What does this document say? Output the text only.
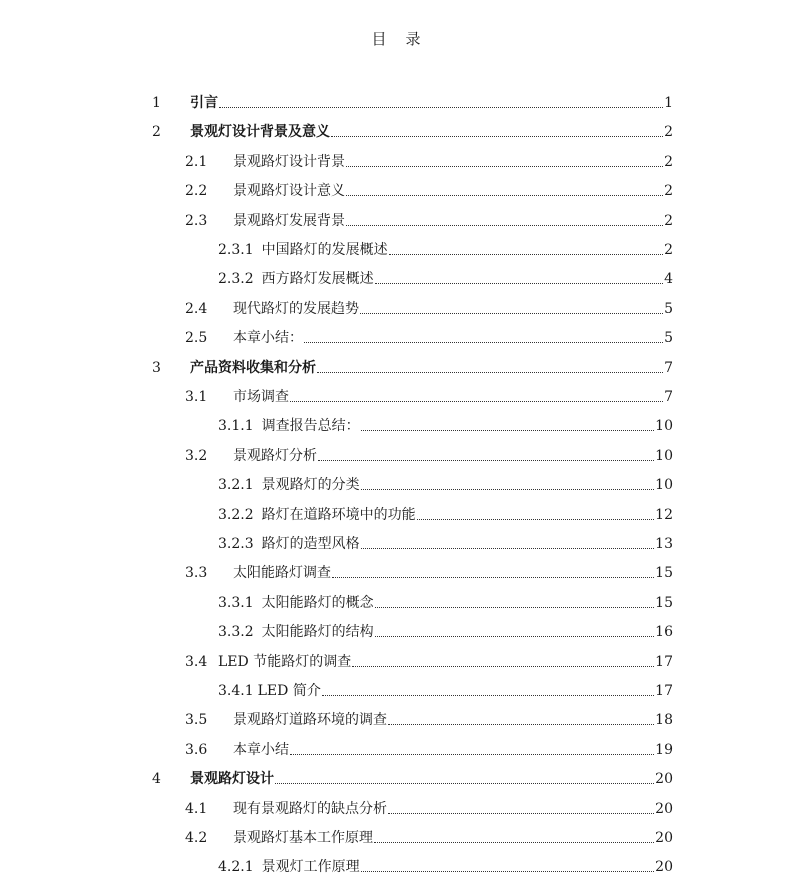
目　录
1	引言	1
2	景观灯设计背景及意义	2
2.1	景观路灯设计背景	2
2.2	景观路灯设计意义	2
2.3	景观路灯发展背景	2
2.3.1 中国路灯的发展概述	2
2.3.2 西方路灯发展概述	4
2.4	现代路灯的发展趋势	5
2.5	本章小结：	5
3	产品资料收集和分析	7
3.1	市场调查	7
3.1.1 调查报告总结：	10
3.2	景观路灯分析	10
3.2.1 景观路灯的分类	10
3.2.2 路灯在道路环境中的功能	12
3.2.3 路灯的造型风格	13
3.3	太阳能路灯调查	15
3.3.1 太阳能路灯的概念	15
3.3.2 太阳能路灯的结构	16
3.4 LED 节能路灯的调查	17
3.4.1 LED 简介	17
3.5	景观路灯道路环境的调查	18
3.6	本章小结	19
4	景观路灯设计	20
4.1	现有景观路灯的缺点分析	20
4.2	景观路灯基本工作原理	20
4.2.1 景观灯工作原理	20
